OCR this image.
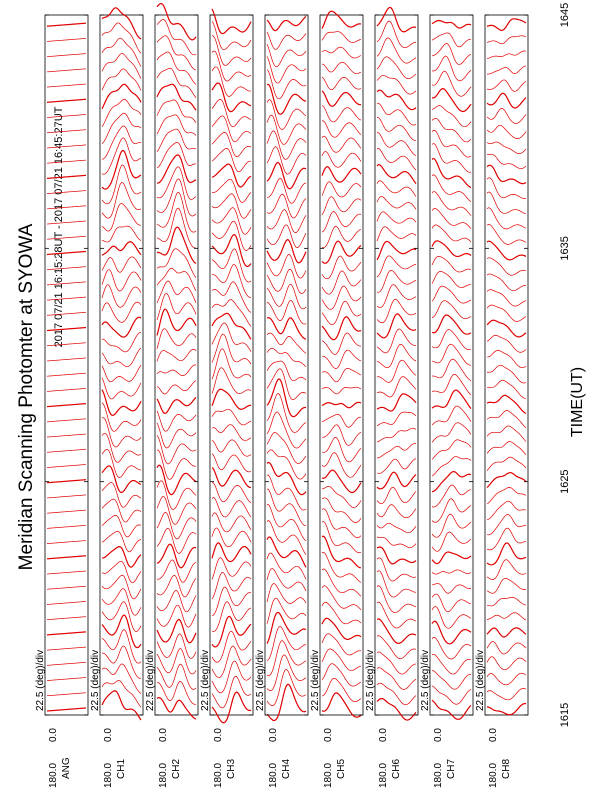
Meridian Scanning Photomter at SYOWA 2017 07/21 16:15:28UT - 2017 07/21 16:45:27UT
TIME(UT)
1615
1625
1635
1645
180.0
0.0
ANG
22.5 (deg)/div
180.0
0.0
CH1
22.5 (deg)/div
180.0
0.0
CH2
22.5 (deg)/div
180.0
0.0
CH3
22.5 (deg)/div
180.0
0.0
CH4
22.5 (deg)/div
180.0
0.0
CH5
22.5 (deg)/div
180.0
0.0
CH6
22.5 (deg)/div
180.0
0.0
CH7
22.5 (deg)/div
180.0
0.0
CH8
22.5 (deg)/div
